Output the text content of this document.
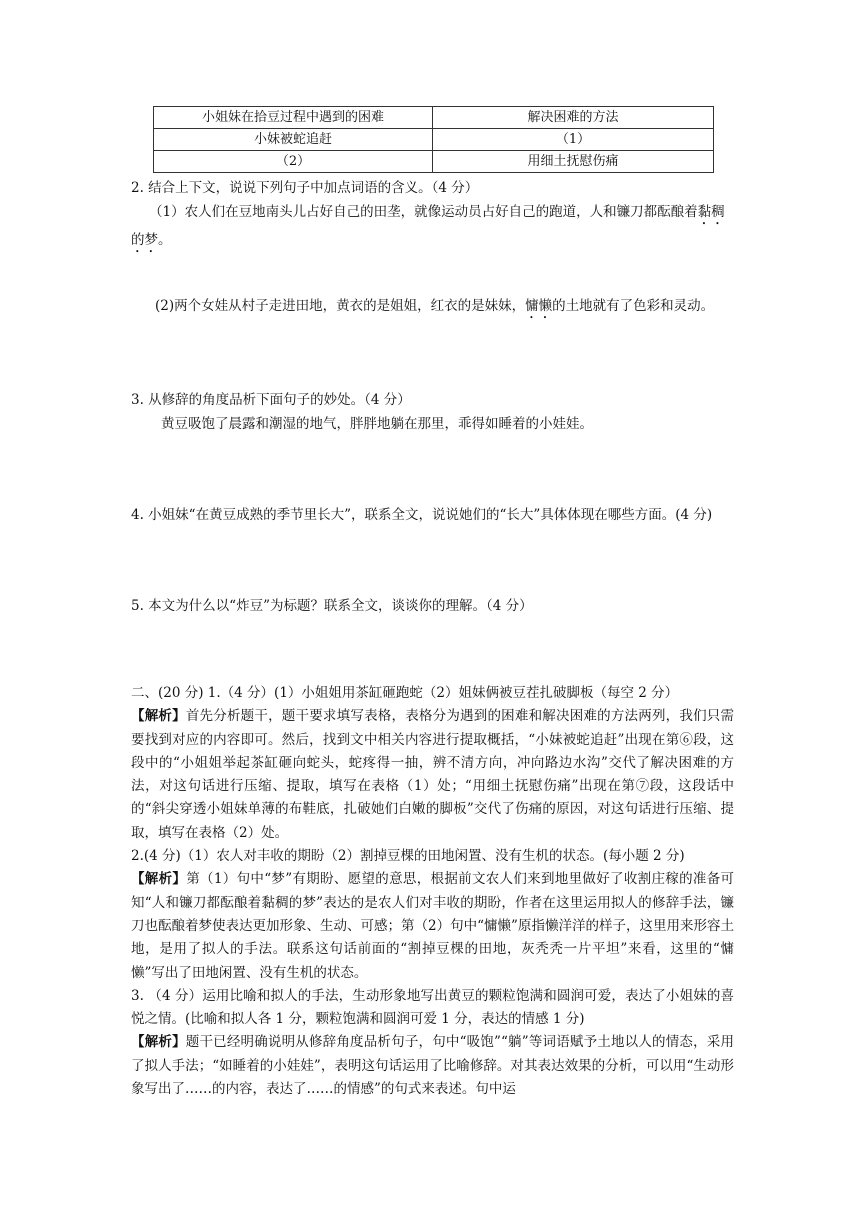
小姐妹在拾豆过程中遇到的困难	解决困难的方法
小妹被蛇追赶	（1）
（2）	用细土抚慰伤痛
2. 结合上下文，说说下列句子中加点词语的含义。（4 分）
（1）农人们在豆地南头儿占好自己的田垄，就像运动员占好自己的跑道，人和镰刀都酝酿着黏稠的梦。
(2)两个女娃从村子走进田地，黄衣的是姐姐，红衣的是妹妹，慵懒的土地就有了色彩和灵动。
3. 从修辞的角度品析下面句子的妙处。（4 分）
黄豆吸饱了晨露和潮湿的地气，胖胖地躺在那里，乖得如睡着的小娃娃。
4. 小姐妹“在黄豆成熟的季节里长大”，联系全文，说说她们的“长大”具体体现在哪些方面。(4 分)
5. 本文为什么以“炸豆”为标题？联系全文，谈谈你的理解。（4 分）
二、(20 分) 1.（4 分）(1）小姐姐用茶缸砸跑蛇（2）姐妹俩被豆茬扎破脚板（每空 2 分）
【解析】首先分析题干，题干要求填写表格，表格分为遇到的困难和解决困难的方法两列，我们只需要找到对应的内容即可。然后，找到文中相关内容进行提取概括，“小妹被蛇追赶”出现在第⑥段，这段中的“小姐姐举起茶缸砸向蛇头，蛇疼得一抽，辨不清方向，冲向路边水沟”交代了解决困难的方法，对这句话进行压缩、提取，填写在表格（1）处；“用细土抚慰伤痛”出现在第⑦段，这段话中的“斜尖穿透小姐妹单薄的布鞋底，扎破她们白嫩的脚板”交代了伤痛的原因，对这句话进行压缩、提取，填写在表格（2）处。
2.(4 分)（1）农人对丰收的期盼（2）割掉豆棵的田地闲置、没有生机的状态。(每小题 2 分)
【解析】第（1）句中“梦”有期盼、愿望的意思，根据前文农人们来到地里做好了收割庄稼的准备可知“人和镰刀都酝酿着黏稠的梦”表达的是农人们对丰收的期盼，作者在这里运用拟人的修辞手法，镰刀也酝酿着梦使表达更加形象、生动、可感；第（2）句中“慵懒”原指懒洋洋的样子，这里用来形容土地，是用了拟人的手法。联系这句话前面的“割掉豆棵的田地，灰秃秃一片平坦”来看，这里的“慵懒”写出了田地闲置、没有生机的状态。
3. （4 分）运用比喻和拟人的手法，生动形象地写出黄豆的颗粒饱满和圆润可爱，表达了小姐妹的喜悦之情。(比喻和拟人各 1 分，颗粒饱满和圆润可爱 1 分，表达的情感 1 分)
【解析】题干已经明确说明从修辞角度品析句子，句中“吸饱”“躺”等词语赋予土地以人的情态，采用了拟人手法；“如睡着的小娃娃”，表明这句话运用了比喻修辞。对其表达效果的分析，可以用“生动形象写出了……的内容，表达了……的情感”的句式来表述。句中运
